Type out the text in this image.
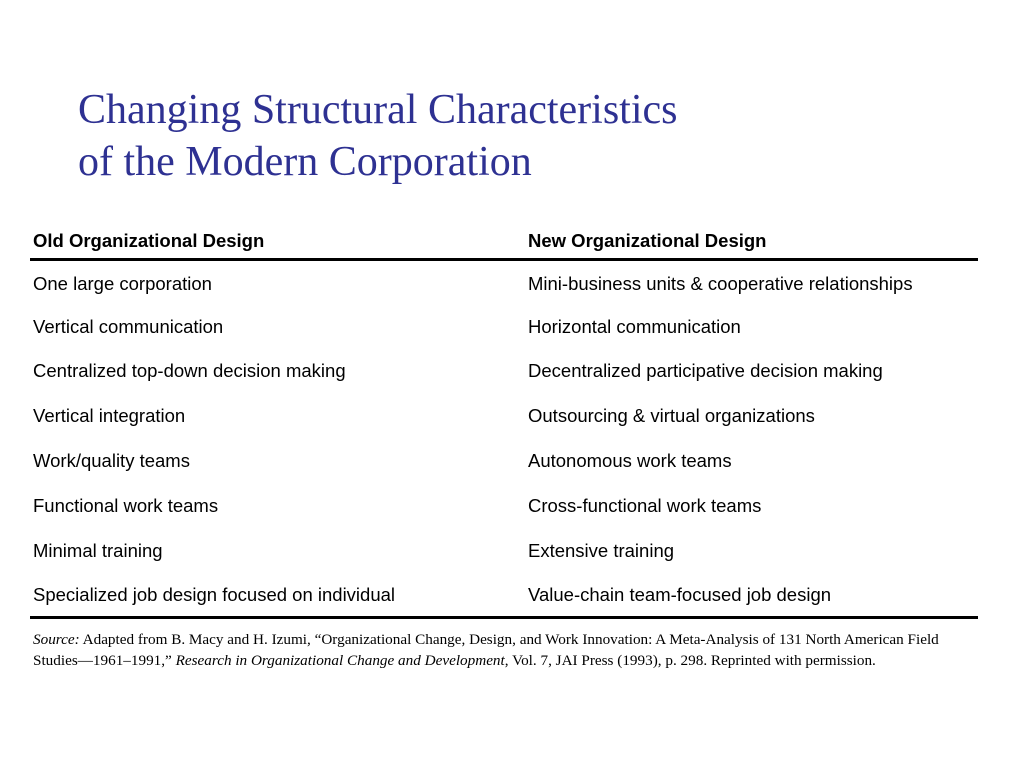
Changing Structural Characteristics
of the Modern Corporation
Old Organizational Design	New Organizational Design
One large corporation	Mini-business units & cooperative relationships
Vertical communication	Horizontal communication
Centralized top-down decision making	Decentralized participative decision making
Vertical integration	Outsourcing & virtual organizations
Work/quality teams	Autonomous work teams
Functional work teams	Cross-functional work teams
Minimal training	Extensive training
Specialized job design focused on individual	Value-chain team-focused job design

Source: Adapted from B. Macy and H. Izumi, “Organizational Change, Design, and Work Innovation: A Meta-Analysis of 131 North American Field Studies—1961–1991,” Research in Organizational Change and Development, Vol. 7, JAI Press (1993), p. 298. Reprinted with permission.
